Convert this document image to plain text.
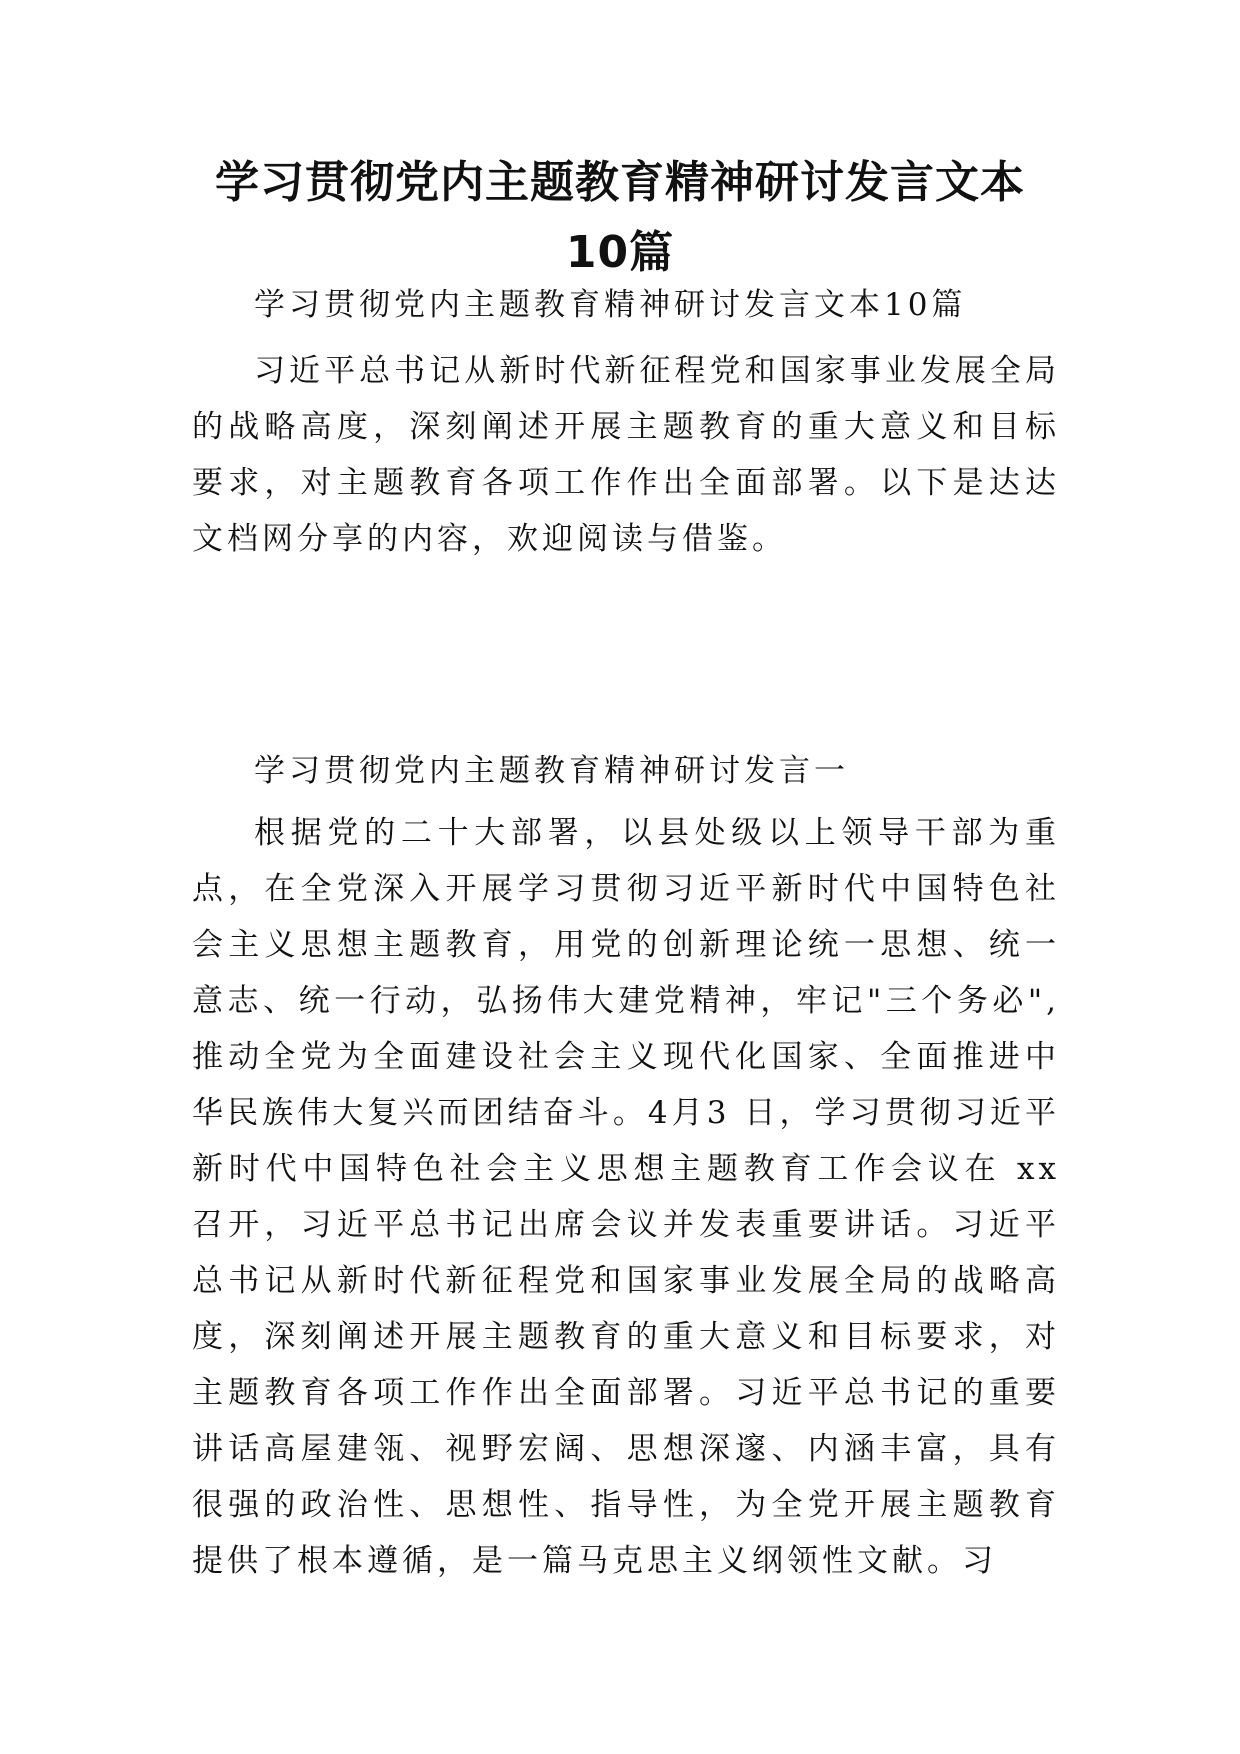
学习贯彻党内主题教育精神研讨发言文本10篇

学习贯彻党内主题教育精神研讨发言文本10篇

习近平总书记从新时代新征程党和国家事业发展全局的战略高度，深刻阐述开展主题教育的重大意义和目标要求，对主题教育各项工作作出全面部署。以下是达达文档网分享的内容，欢迎阅读与借鉴。

学习贯彻党内主题教育精神研讨发言一

根据党的二十大部署，以县处级以上领导干部为重点，在全党深入开展学习贯彻习近平新时代中国特色社会主义思想主题教育，用党的创新理论统一思想、统一意志、统一行动，弘扬伟大建党精神，牢记"三个务必",推动全党为全面建设社会主义现代化国家、全面推进中华民族伟大复兴而团结奋斗。4月3 日，学习贯彻习近平新时代中国特色社会主义思想主题教育工作会议在 xx 召开，习近平总书记出席会议并发表重要讲话。习近平总书记从新时代新征程党和国家事业发展全局的战略高度，深刻阐述开展主题教育的重大意义和目标要求，对主题教育各项工作作出全面部署。习近平总书记的重要讲话高屋建瓴、视野宏阔、思想深邃、内涵丰富，具有很强的政治性、思想性、指导性，为全党开展主题教育提供了根本遵循，是一篇马克思主义纲领性文献。习
